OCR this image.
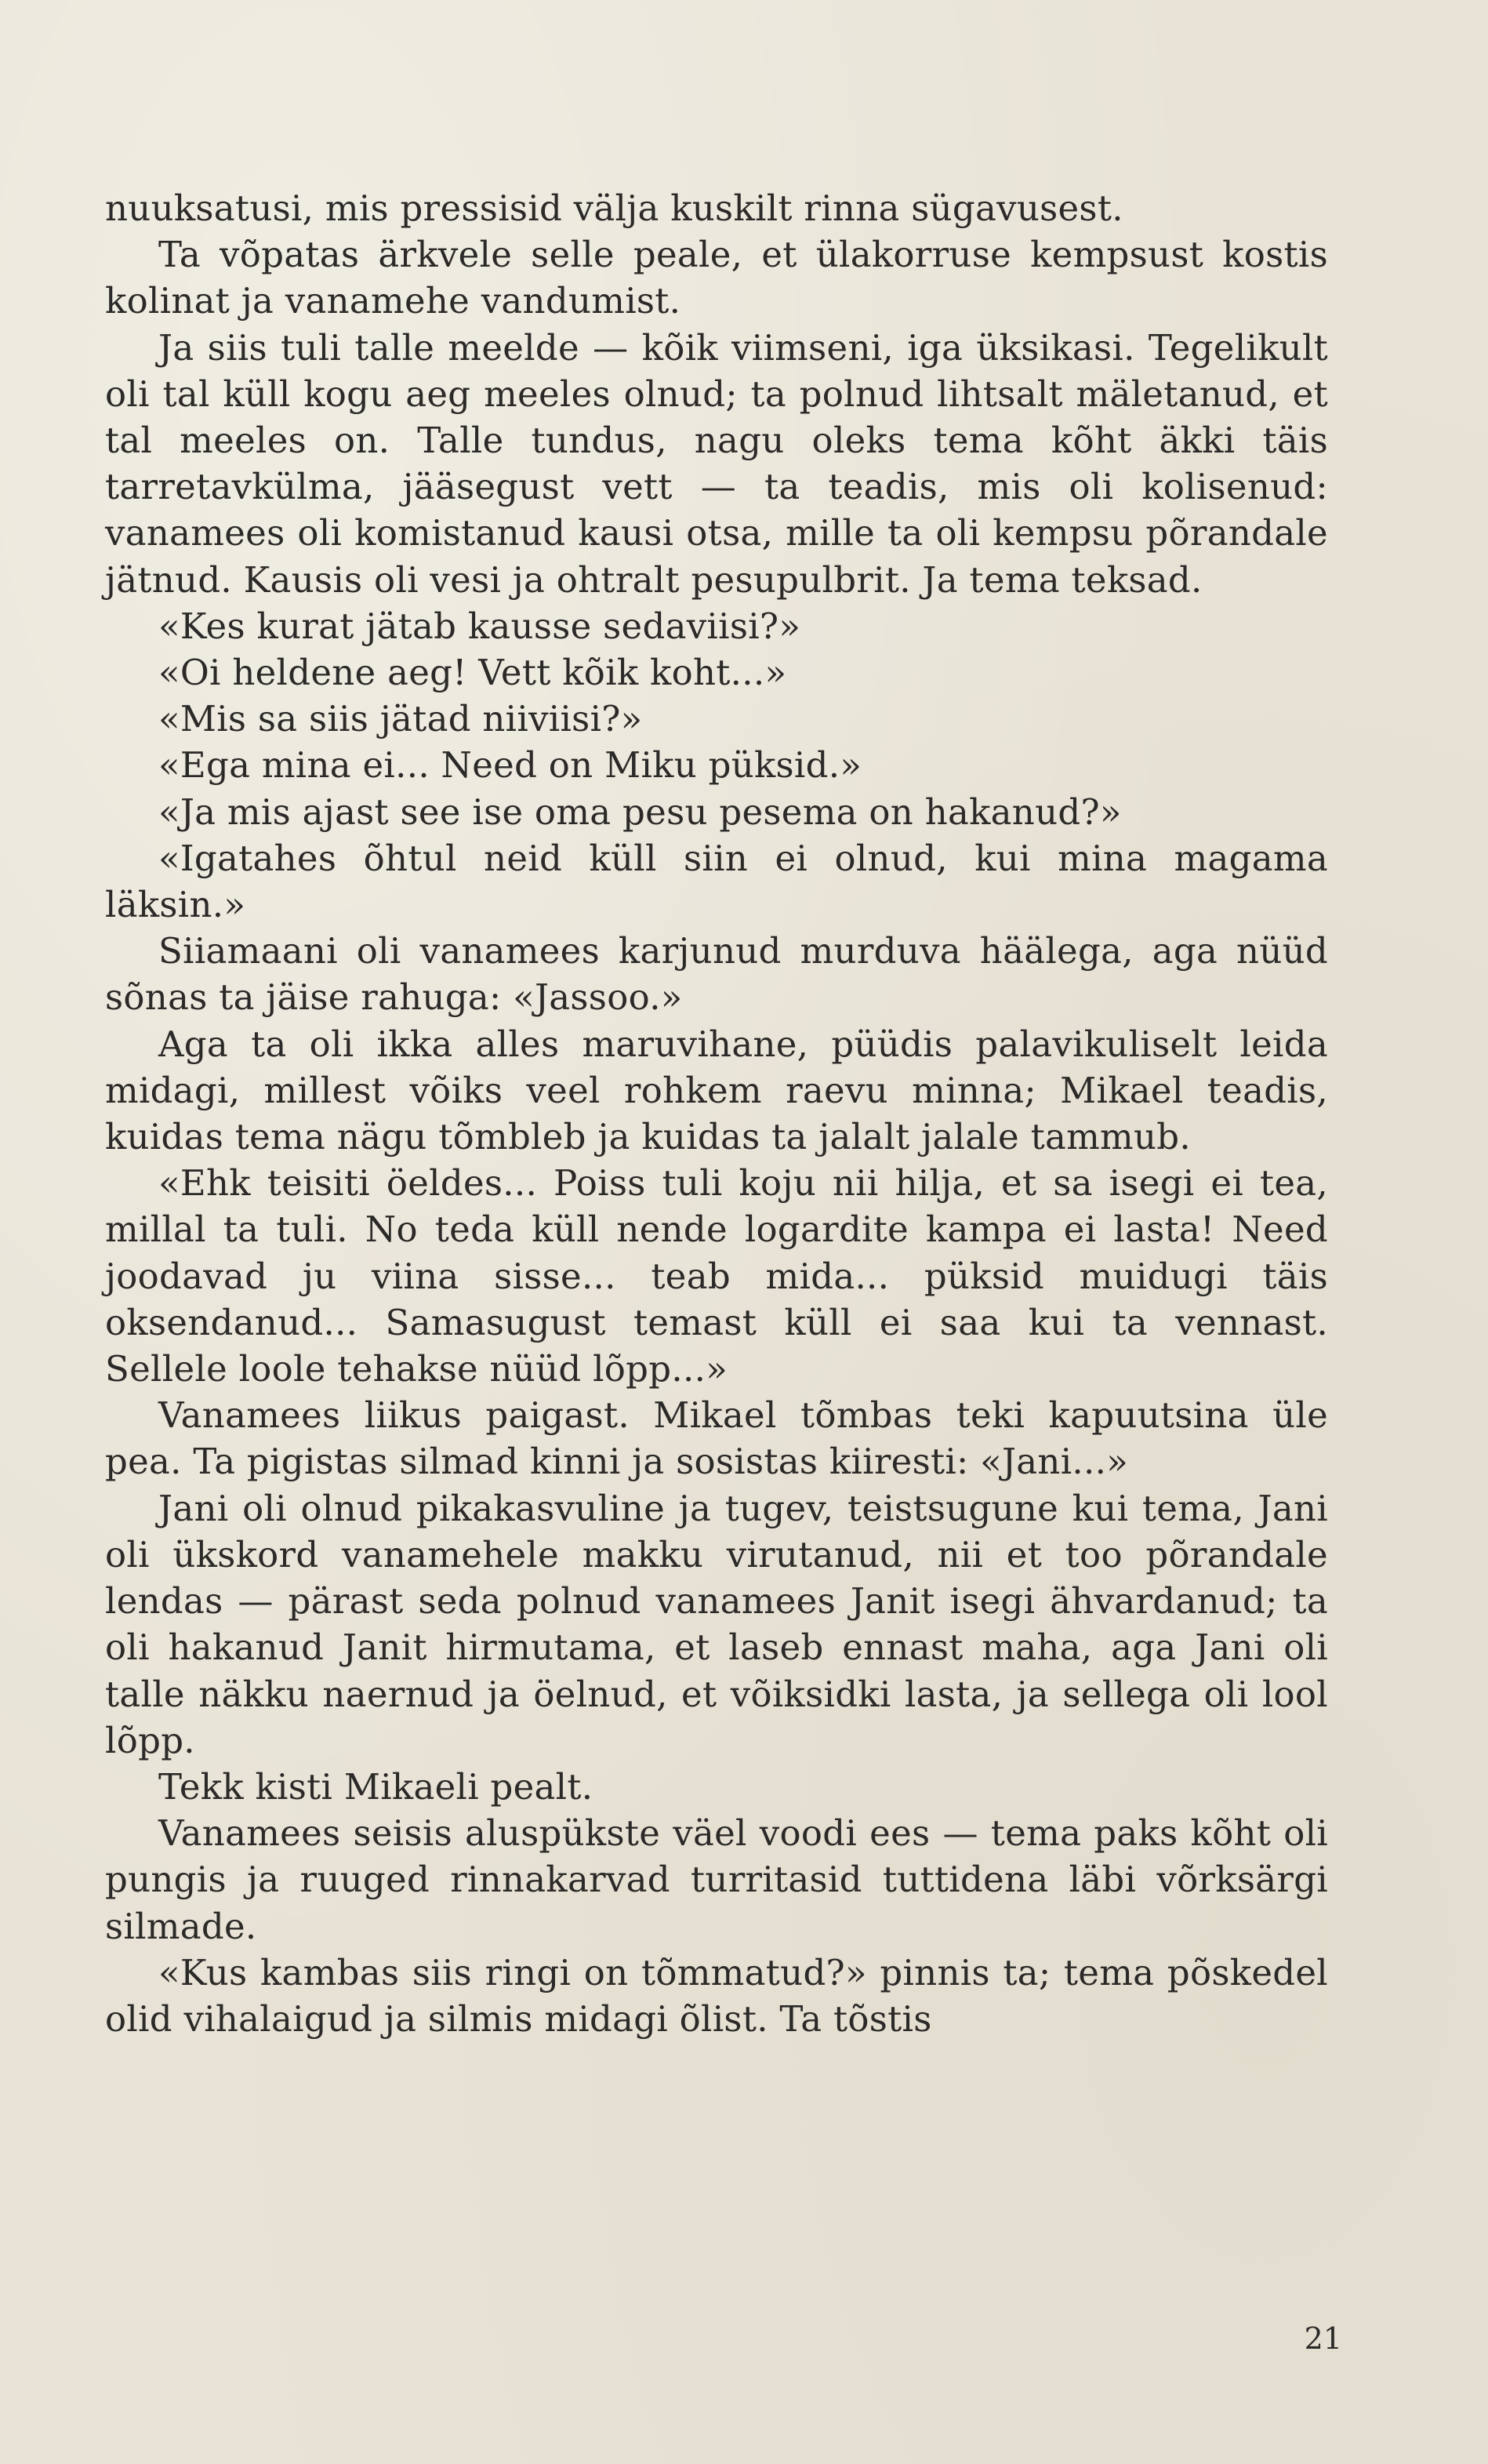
nuuksatusi, mis pressisid välja kuskilt rinna sügavusest.

Ta võpatas ärkvele selle peale, et ülakorruse kempsust kostis kolinat ja vanamehe vandumist.

Ja siis tuli talle meelde — kõik viimseni, iga üksikasi. Tegelikult oli tal küll kogu aeg meeles olnud; ta polnud lihtsalt mäletanud, et tal meeles on. Talle tundus, nagu oleks tema kõht äkki täis tarretavkülma, jääsegust vett — ta teadis, mis oli kolisenud: vanamees oli komistanud kausi otsa, mille ta oli kempsu põrandale jätnud. Kausis oli vesi ja ohtralt pesupulbrit. Ja tema teksad.

«Kes kurat jätab kausse sedaviisi?»

«Oi heldene aeg! Vett kõik koht...»

«Mis sa siis jätad niiviisi?»

«Ega mina ei... Need on Miku püksid.»

«Ja mis ajast see ise oma pesu pesema on hakanud?»

«Igatahes õhtul neid küll siin ei olnud, kui mina magama läksin.»

Siiamaani oli vanamees karjunud murduva häälega, aga nüüd sõnas ta jäise rahuga: «Jassoo.»

Aga ta oli ikka alles maruvihane, püüdis palavikuliselt leida midagi, millest võiks veel rohkem raevu minna; Mikael teadis, kuidas tema nägu tõmbleb ja kuidas ta jalalt jalale tammub.

«Ehk teisiti öeldes... Poiss tuli koju nii hilja, et sa isegi ei tea, millal ta tuli. No teda küll nende logardite kampa ei lasta! Need joodavad ju viina sisse... teab mida... püksid muidugi täis oksendanud... Samasugust temast küll ei saa kui ta vennast. Sellele loole tehakse nüüd lõpp...»

Vanamees liikus paigast. Mikael tõmbas teki kapuutsina üle pea. Ta pigistas silmad kinni ja sosistas kiiresti: «Jani...»

Jani oli olnud pikakasvuline ja tugev, teistsugune kui tema, Jani oli ükskord vanamehele makku virutanud, nii et too põrandale lendas — pärast seda polnud vanamees Janit isegi ähvardanud; ta oli hakanud Janit hirmutama, et laseb ennast maha, aga Jani oli talle näkku naernud ja öelnud, et võiksidki lasta, ja sellega oli lool lõpp.

Tekk kisti Mikaeli pealt.

Vanamees seisis aluspükste väel voodi ees — tema paks kõht oli pungis ja ruuged rinnakarvad turritasid tuttidena läbi võrksärgi silmade.

«Kus kambas siis ringi on tõmmatud?» pinnis ta; tema põskedel olid vihalaigud ja silmis midagi õlist. Ta tõstis

21
